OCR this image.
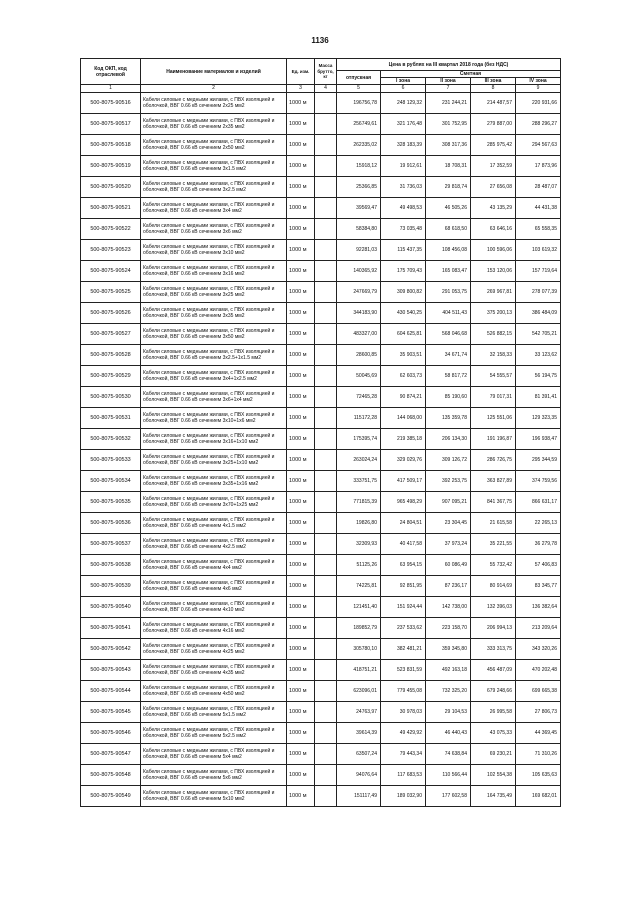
1136
Код ОКП, код отраслевой	Наименование материалов и изделий	Ед. изм.	Масса брутто, кг	Цена в рублях на III квартал 2018 года (без НДС)				
				отпускная	Сметная			
					I зона	II зона	III зона	IV зона
1	2	3	4	5	6	7	8	9
500-8075-90516	Кабели силовые с медными жилами, с ПВХ изоляцией и оболочкой, ВВГ 0.66 кВ сечением 2х25 мм2	1000 м		196756,78	248 129,32	231 244,21	214 487,57	220 931,66
500-8075-90517	Кабели силовые с медными жилами, с ПВХ изоляцией и оболочкой, ВВГ 0.66 кВ сечением 2х35 мм2	1000 м		256749,61	321 176,48	301 752,95	279 887,00	288 296,27
500-8075-90518	Кабели силовые с медными жилами, с ПВХ изоляцией и оболочкой, ВВГ 0.66 кВ сечением 2х50 мм2	1000 м		262335,02	328 183,39	308 317,36	285 975,42	294 567,63
500-8075-90519	Кабели силовые с медными жилами, с ПВХ изоляцией и оболочкой, ВВГ 0.66 кВ сечением 3х1.5 мм2	1000 м		15918,12	19 912,61	18 708,31	17 352,59	17 873,96
500-8075-90520	Кабели силовые с медными жилами, с ПВХ изоляцией и оболочкой, ВВГ 0.66 кВ сечением 3х2.5 мм2	1000 м		25366,85	31 736,03	29 818,74	27 656,08	28 487,07
500-8075-90521	Кабели силовые с медными жилами, с ПВХ изоляцией и оболочкой, ВВГ 0.66 кВ сечением 3х4 мм2	1000 м		39569,47	49 498,53	46 505,26	43 135,29	44 431,38
500-8075-90522	Кабели силовые с медными жилами, с ПВХ изоляцией и оболочкой, ВВГ 0.66 кВ сечением 3х6 мм2	1000 м		58384,80	73 035,48	68 618,50	63 646,16	65 558,35
500-8075-90523	Кабели силовые с медными жилами, с ПВХ изоляцией и оболочкой, ВВГ 0.66 кВ сечением 3х10 мм2	1000 м		92281,03	115 437,35	108 456,08	100 596,06	103 619,32
500-8075-90524	Кабели силовые с медными жилами, с ПВХ изоляцией и оболочкой, ВВГ 0.66 кВ сечением 3х16 мм2	1000 м		140365,92	175 709,43	165 083,47	153 120,06	157 719,64
500-8075-90525	Кабели силовые с медными жилами, с ПВХ изоляцией и оболочкой, ВВГ 0.66 кВ сечением 3х25 мм2	1000 м		247669,79	309 800,82	291 053,75	269 967,81	278 077,39
500-8075-90526	Кабели силовые с медными жилами, с ПВХ изоляцией и оболочкой, ВВГ 0.66 кВ сечением 3х35 мм2	1000 м		344183,90	430 540,25	404 511,43	375 200,13	386 484,09
500-8075-90527	Кабели силовые с медными жилами, с ПВХ изоляцией и оболочкой, ВВГ 0.66 кВ сечением 3х50 мм2	1000 м		483327,00	604 625,81	568 046,68	526 882,15	542 705,21
500-8075-90528	Кабели силовые с медными жилами, с ПВХ изоляцией и оболочкой, ВВГ 0.66 кВ сечением 3х2.5+1х1.5 мм2	1000 м		28600,85	35 903,51	34 671,74	32 158,33	33 123,62
500-8075-90529	Кабели силовые с медными жилами, с ПВХ изоляцией и оболочкой, ВВГ 0.66 кВ сечением 3х4+1х2.5 мм2	1000 м		50045,69	62 603,73	58 817,72	54 555,57	56 194,75
500-8075-90530	Кабели силовые с медными жилами, с ПВХ изоляцией и оболочкой, ВВГ 0.66 кВ сечением 3х6+1х4 мм2	1000 м		72465,28	90 874,21	85 190,60	79 017,31	81 391,41
500-8075-90531	Кабели силовые с медными жилами, с ПВХ изоляцией и оболочкой, ВВГ 0.66 кВ сечением 3х10+1х6 мм2	1000 м		115172,28	144 068,00	135 359,78	125 551,06	129 323,35
500-8075-90532	Кабели силовые с медными жилами, с ПВХ изоляцией и оболочкой, ВВГ 0.66 кВ сечением 3х16+1х10 мм2	1000 м		175395,74	219 385,18	206 134,30	191 196,87	196 938,47
500-8075-90533	Кабели силовые с медными жилами, с ПВХ изоляцией и оболочкой, ВВГ 0.66 кВ сечением 3х25+1х10 мм2	1000 м		263024,24	329 029,76	309 126,72	286 726,75	295 344,59
500-8075-90534	Кабели силовые с медными жилами, с ПВХ изоляцией и оболочкой, ВВГ 0.66 кВ сечением 3х35+1х16 мм2	1000 м		333751,75	417 509,17	392 253,75	363 827,89	374 759,56
500-8075-90535	Кабели силовые с медными жилами, с ПВХ изоляцией и оболочкой, ВВГ 0.66 кВ сечением 3х70+1х25 мм2	1000 м		771815,39	965 498,29	907 095,21	841 367,75	866 631,17
500-8075-90536	Кабели силовые с медными жилами, с ПВХ изоляцией и оболочкой, ВВГ 0.66 кВ сечением 4х1.5 мм2	1000 м		19826,80	24 804,51	23 304,45	21 615,58	22 265,13
500-8075-90537	Кабели силовые с медными жилами, с ПВХ изоляцией и оболочкой, ВВГ 0.66 кВ сечением 4х2.5 мм2	1000 м		32309,93	40 417,58	37 973,24	35 221,55	36 279,78
500-8075-90538	Кабели силовые с медными жилами, с ПВХ изоляцией и оболочкой, ВВГ 0.66 кВ сечением 4х4 мм2	1000 м		51125,26	63 954,15	60 086,49	55 732,42	57 406,83
500-8075-90539	Кабели силовые с медными жилами, с ПВХ изоляцией и оболочкой, ВВГ 0.66 кВ сечением 4х6 мм2	1000 м		74225,81	92 851,95	87 236,17	80 914,69	83 345,77
500-8075-90540	Кабели силовые с медными жилами, с ПВХ изоляцией и оболочкой, ВВГ 0.66 кВ сечением 4х10 мм2	1000 м		121451,40	151 924,44	142 738,00	132 396,03	136 382,64
500-8075-90541	Кабели силовые с медными жилами, с ПВХ изоляцией и оболочкой, ВВГ 0.66 кВ сечением 4х16 мм2	1000 м		189852,79	237 533,62	223 158,70	206 994,13	213 209,64
500-8075-90542	Кабели силовые с медными жилами, с ПВХ изоляцией и оболочкой, ВВГ 0.66 кВ сечением 4х25 мм2	1000 м		305780,10	382 481,21	359 345,80	333 313,75	343 320,26
500-8075-90543	Кабели силовые с медными жилами, с ПВХ изоляцией и оболочкой, ВВГ 0.66 кВ сечением 4х35 мм2	1000 м		418751,21	523 831,59	492 163,18	456 487,09	470 202,48
500-8075-90544	Кабели силовые с медными жилами, с ПВХ изоляцией и оболочкой, ВВГ 0.66 кВ сечением 4х50 мм2	1000 м		623096,01	779 455,08	732 325,20	679 248,66	699 665,38
500-8075-90545	Кабели силовые с медными жилами, с ПВХ изоляцией и оболочкой, ВВГ 0.66 кВ сечением 5х1.5 мм2	1000 м		24763,97	30 978,03	29 104,53	26 995,58	27 806,73
500-8075-90546	Кабели силовые с медными жилами, с ПВХ изоляцией и оболочкой, ВВГ 0.66 кВ сечением 5х2.5 мм2	1000 м		39614,39	49 429,92	46 440,43	43 075,33	44 369,45
500-8075-90547	Кабели силовые с медными жилами, с ПВХ изоляцией и оболочкой, ВВГ 0.66 кВ сечением 5х4 мм2	1000 м		63507,24	79 443,34	74 638,84	69 230,21	71 310,26
500-8075-90548	Кабели силовые с медными жилами, с ПВХ изоляцией и оболочкой, ВВГ 0.66 кВ сечением 5х6 мм2	1000 м		94076,64	117 683,53	110 566,44	102 554,38	105 635,63
500-8075-90549	Кабели силовые с медными жилами, с ПВХ изоляцией и оболочкой, ВВГ 0.66 кВ сечением 5х10 мм2	1000 м		151117,49	189 032,90	177 602,58	164 735,49	169 682,01
